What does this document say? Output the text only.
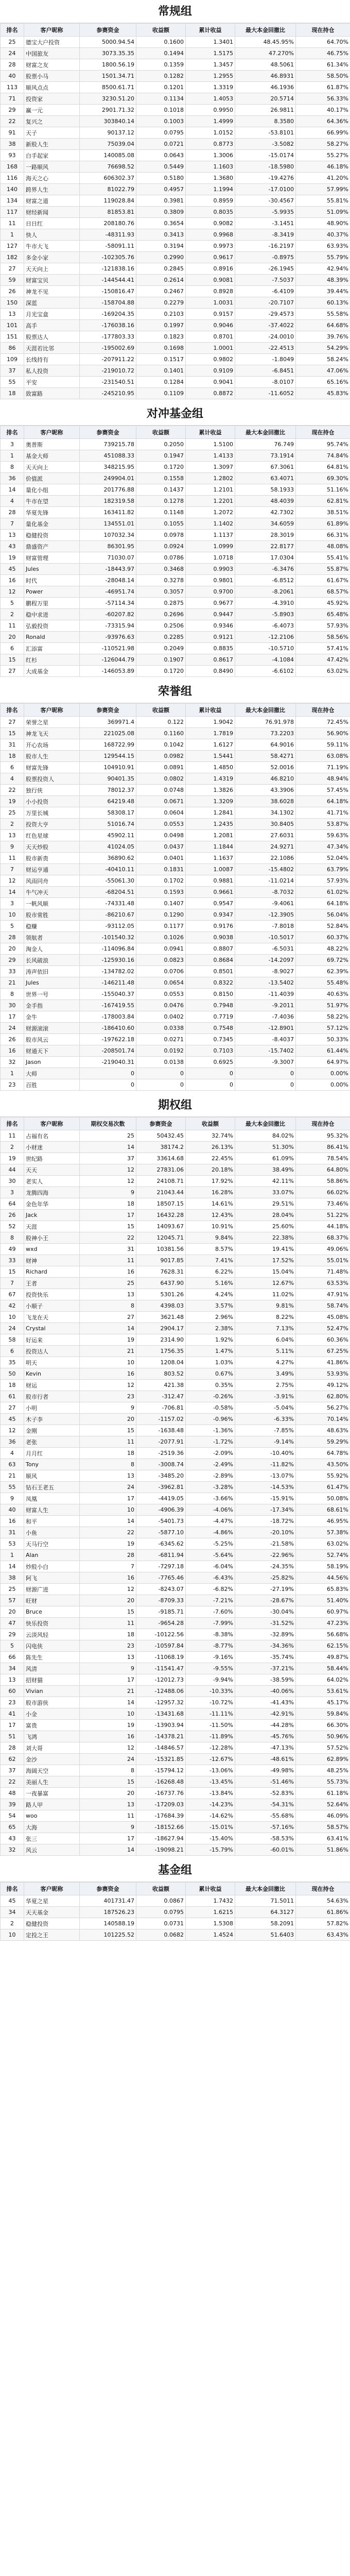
常规组
排名	客户昵称	参赛资金	收益额	累计收益	最大本金回撤比	现在持仓
25	德宝大户投资	5000.94.54	0.1600	1.3401	48.45.95%	64.70%
24	中国旅友	3073.35.35	0.1494	1.5175	47.270%	46.75%
28	财富之友	1800.56.19	0.1359	1.3457	48.5061	61.34%
40	股票小马	1501.34.71	0.1282	1.2955	46.8931	58.50%
113	顺风点点	8500.61.71	0.1201	1.3319	46.1936	61.87%
71	投资家	3230.51.20	0.1134	1.4053	20.5714	56.33%
29	赢一元	2901.71.32	0.1018	0.9950	26.9811	40.17%
22	复兴之	303840.14	0.1003	1.4999	8.3580	64.36%
91	天子	90137.12	0.0795	1.0152	-53.8101	66.99%
38	新股人生	75039.04	0.0721	0.8773	-3.5082	58.27%
93	白手起家	140085.08	0.0643	1.3006	-15.0174	55.27%
168	一路顺风	76698.52	0.5449	1.1603	-18.5980	46.18%
116	海天之心	606302.37	0.5180	1.3680	-19.4276	41.20%
140	跨界人生	81022.79	0.4957	1.1994	-17.0100	57.99%
134	财富之道	119028.84	0.3981	0.8959	-30.4567	55.81%
117	财经新闻	81853.81	0.3809	0.8035	-5.9935	51.09%
11	日日红	208180.76	0.3654	0.9082	-3.1451	48.90%
1	快人	-48311.93	0.3413	0.9968	-8.3419	40.37%
127	牛市大飞	-58091.11	0.3194	0.9973	-16.2197	63.93%
182	多金小家	-102305.76	0.2990	0.9617	-0.8975	55.79%
27	天天向上	-121838.16	0.2845	0.8916	-26.1945	42.94%
59	财富宝贝	-144544.41	0.2614	0.9081	-7.5037	48.39%
26	神龙不见	-150816.47	0.2467	0.8928	-6.4109	39.44%
150	深蓝	-158704.88	0.2279	1.0031	-20.7107	60.13%
13	月光宝盒	-169204.35	0.2103	0.9157	-29.4573	55.58%
101	高手	-176038.16	0.1997	0.9046	-37.4022	64.68%
151	股票达人	-177803.33	0.1823	0.8701	-24.0010	39.76%
86	天涯若比邻	-195002.69	0.1698	1.0001	-22.4513	54.29%
109	长线持有	-207911.22	0.1517	0.9802	-1.8049	58.24%
37	私人投资	-219010.72	0.1401	0.9109	-6.8451	47.06%
55	平安	-231540.51	0.1284	0.9041	-8.0107	65.16%
18	致富路	-245210.95	0.1109	0.8872	-11.6052	45.83%
对冲基金组
排名	客户昵称	参赛资金	收益额	累计收益	最大本金回撤比	现在持仓
3	奥普斯	739215.78	0.2050	1.5100	76.749	95.74%
1	基金大师	451088.33	0.1947	1.4133	73.1914	74.84%
8	天天向上	348215.95	0.1720	1.3097	67.3061	64.81%
36	价值派	249904.01	0.1558	1.2802	63.4071	69.30%
14	量化小组	201776.88	0.1437	1.2101	58.1933	51.16%
4	牛市在望	182319.58	0.1278	1.2201	48.4039	62.81%
28	华夏先锋	163411.82	0.1148	1.2072	42.7302	38.51%
7	量化基金	134551.01	0.1055	1.1402	34.6059	61.89%
13	稳健投资	107032.34	0.0978	1.1137	28.3019	66.31%
43	鼎盛资产	86301.95	0.0924	1.0999	22.8177	48.08%
19	财富管理	71030.07	0.0786	1.0718	17.0304	55.41%
45	Jules	-18443.97	0.3468	0.9903	-6.3476	55.87%
16	时代	-28048.14	0.3278	0.9801	-6.8512	61.67%
12	Power	-46951.74	0.3057	0.9700	-8.2061	68.57%
5	鹏程万里	-57114.34	0.2875	0.9677	-4.3910	45.92%
2	稳中求进	-60207.82	0.2696	0.9447	-5.8903	65.48%
11	弘毅投资	-73315.94	0.2506	0.9346	-6.4073	57.93%
20	Ronald	-93976.63	0.2285	0.9121	-12.2106	58.56%
6	汇添富	-110521.98	0.2049	0.8835	-10.5710	57.41%
15	红杉	-126044.79	0.1907	0.8617	-4.1084	47.42%
27	大成基金	-146053.89	0.1720	0.8490	-6.6102	63.02%
荣誉组
排名	客户昵称	参赛资金	收益额	累计收益	最大本金回撤比	现在持仓
27	荣誉之星	369971.4	0.122	1.9042	76.91.978	72.45%
15	神龙飞天	221025.08	0.1160	1.7819	73.2203	56.90%
31	开心农场	168722.99	0.1042	1.6127	64.9016	59.11%
18	股市人生	129544.15	0.0982	1.5441	58.4271	63.08%
6	财富先锋	104910.91	0.0891	1.4850	52.0016	71.19%
4	股票投资人	90401.35	0.0802	1.4319	46.8210	48.94%
22	独行侠	78012.37	0.0748	1.3826	43.3906	57.45%
19	小小投资	64219.48	0.0671	1.3209	38.6028	64.18%
25	万里长城	58308.17	0.0604	1.2841	34.1302	41.71%
2	投资大亨	51016.74	0.0553	1.2435	30.8405	53.87%
13	红色星球	45902.11	0.0498	1.2081	27.6031	59.63%
9	天天炒股	41024.05	0.0437	1.1844	24.9271	47.34%
11	股市新贵	36890.62	0.0401	1.1637	22.1086	52.04%
7	财运亨通	-40410.11	0.1831	1.0087	-15.4802	63.79%
12	风雨同舟	-55061.30	0.1702	0.9881	-11.0214	57.93%
14	牛气冲天	-68204.51	0.1593	0.9661	-8.7032	61.02%
3	一帆风顺	-74331.48	0.1407	0.9547	-9.4061	64.18%
10	股市常胜	-86210.67	0.1290	0.9347	-12.3905	56.04%
5	稳赚	-93112.05	0.1177	0.9176	-7.8018	52.84%
28	领航者	-101540.32	0.1026	0.9038	-10.5017	60.37%
20	淘金人	-114096.84	0.0941	0.8807	-6.5031	48.22%
29	长风破浪	-125930.16	0.0823	0.8684	-14.2097	69.72%
33	涛声依旧	-134782.02	0.0706	0.8501	-8.9027	62.39%
21	Jules	-146211.48	0.0654	0.8322	-13.5402	55.48%
8	世界一号	-155040.37	0.0553	0.8150	-11.4039	40.63%
30	金手指	-167419.55	0.0476	0.7948	-9.2011	51.97%
17	金牛	-178003.84	0.0402	0.7719	-7.4036	58.22%
24	财源滚滚	-186410.60	0.0338	0.7548	-12.8901	57.12%
26	股市风云	-197622.18	0.0271	0.7345	-8.4037	50.33%
16	财通天下	-208501.74	0.0192	0.7103	-15.7402	61.44%
32	Jason	-219040.31	0.0138	0.6925	-9.3007	64.97%
1	大师	0	0	0	0	0.00%
23	百胜	0	0	0	0	0.00%
期权组
排名	客户昵称	期权交易次数	参赛资金	收益额	最大本金回撤比	现在持仓
11	占福有名	25	50432.45	32.74%	84.02%	95.32%
2	小财迷	14	38174.2	26.13%	51.30%	86.41%
19	世纪路	37	33614.68	22.45%	61.09%	78.54%
44	天天	12	27831.06	20.18%	38.49%	64.80%
30	老实人	12	24108.71	17.92%	42.11%	58.86%
3	龙腾四海	9	21043.44	16.28%	33.07%	66.02%
64	金色年华	18	18507.15	14.61%	29.51%	73.46%
26	Jack	17	16432.28	12.43%	28.04%	51.22%
52	天涯	15	14093.67	10.91%	25.60%	44.18%
8	股神小王	22	12045.71	9.84%	22.38%	68.37%
49	wxd	31	10381.56	8.57%	19.41%	49.06%
33	财神	11	9017.85	7.41%	17.52%	55.01%
15	Richard	16	7628.31	6.22%	15.04%	71.48%
7	王者	25	6437.90	5.16%	12.67%	63.53%
67	投资快乐	13	5301.26	4.24%	11.02%	47.91%
42	小顺子	8	4398.03	3.57%	9.81%	58.74%
10	飞龙在天	27	3621.48	2.96%	8.22%	45.08%
24	Crystal	14	2904.17	2.38%	7.13%	52.47%
58	好运来	19	2314.90	1.92%	6.04%	60.36%
6	投资达人	21	1756.35	1.47%	5.11%	67.25%
35	明天	10	1208.04	1.03%	4.27%	41.86%
50	Kevin	16	803.52	0.67%	3.49%	53.93%
18	财运	12	421.38	0.35%	2.75%	49.12%
61	股市行者	23	-312.47	-0.26%	-3.91%	62.80%
27	小明	9	-706.81	-0.58%	-5.04%	56.27%
45	木子李	20	-1157.02	-0.96%	-6.33%	70.14%
12	金刚	15	-1638.48	-1.36%	-7.85%	48.63%
36	老张	11	-2077.91	-1.72%	-9.14%	59.29%
4	月月红	18	-2519.36	-2.09%	-10.40%	64.78%
63	Tony	8	-3008.74	-2.49%	-11.82%	43.50%
21	顺风	13	-3485.20	-2.89%	-13.07%	55.92%
55	钻石王老五	24	-3962.81	-3.28%	-14.53%	61.47%
9	凤凰	17	-4419.05	-3.66%	-15.91%	50.08%
40	财富人生	10	-4906.39	-4.06%	-17.34%	68.61%
16	和平	14	-5401.73	-4.47%	-18.72%	46.95%
31	小鱼	22	-5877.10	-4.86%	-20.10%	57.38%
53	天马行空	19	-6345.62	-5.25%	-21.58%	63.02%
1	Alan	28	-6811.94	-5.64%	-22.96%	52.74%
14	炒股小白	7	-7297.18	-6.04%	-24.35%	58.19%
38	阿飞	16	-7765.46	-6.43%	-25.82%	44.56%
25	财源广进	12	-8243.07	-6.82%	-27.19%	65.83%
57	旺财	20	-8709.33	-7.21%	-28.67%	51.40%
20	Bruce	15	-9185.71	-7.60%	-30.04%	60.97%
47	快乐投资	11	-9654.28	-7.99%	-31.52%	47.23%
29	云淡风轻	18	-10122.56	-8.38%	-32.89%	56.68%
5	闪电侠	23	-10597.84	-8.77%	-34.36%	62.15%
66	陈先生	13	-11068.19	-9.16%	-35.74%	49.87%
34	风清	9	-11541.47	-9.55%	-37.21%	58.44%
13	招财猫	17	-12012.73	-9.94%	-38.59%	64.02%
60	Vivian	21	-12488.06	-10.33%	-40.06%	53.61%
23	股市游侠	14	-12957.32	-10.72%	-41.43%	45.17%
41	小金	10	-13431.68	-11.11%	-42.91%	59.84%
17	富贵	19	-13903.94	-11.50%	-44.28%	66.30%
51	飞鸿	16	-14378.21	-11.89%	-45.76%	50.96%
28	刘大哥	12	-14846.57	-12.28%	-47.13%	57.52%
62	金沙	24	-15321.85	-12.67%	-48.61%	62.89%
37	海阔天空	8	-15794.12	-13.06%	-49.98%	48.25%
22	美丽人生	15	-16268.48	-13.45%	-51.46%	55.73%
48	一夜暴富	20	-16737.76	-13.84%	-52.83%	61.18%
39	路人甲	13	-17209.03	-14.23%	-54.31%	52.64%
54	woo	11	-17684.39	-14.62%	-55.68%	46.09%
65	大海	9	-18152.66	-15.01%	-57.16%	58.57%
43	张三	17	-18627.94	-15.40%	-58.53%	63.41%
32	风云	14	-19098.21	-15.79%	-60.01%	51.86%
基金组
排名	客户昵称	参赛资金	收益额	累计收益	最大本金回撤比	现在持仓
45	华夏之星	401731.47	0.0867	1.7432	71.5011	54.63%
34	天天基金	187526.23	0.0795	1.6215	64.3127	61.86%
2	稳健投资	140588.19	0.0731	1.5308	58.2091	57.82%
10	定投之王	101225.52	0.0682	1.4524	51.6403	63.43%
